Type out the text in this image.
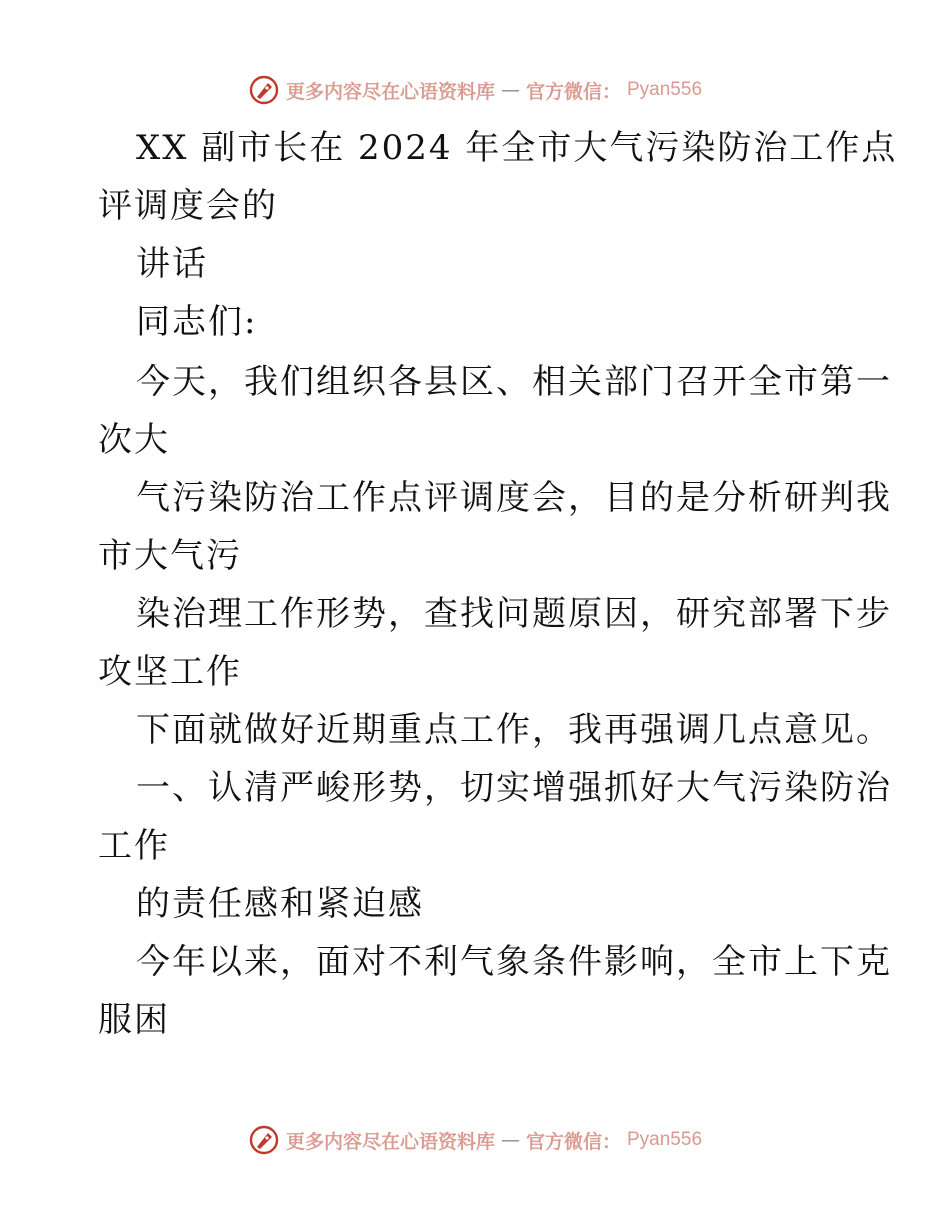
更多内容尽在心语资料库 — 官方微信： Pyan556
XX 副市长在 2024 年全市大气污染防治工作点
评调度会的
讲话
同志们:
今天，我们组织各县区、相关部门召开全市第一
次大
气污染防治工作点评调度会，目的是分析研判我
市大气污
染治理工作形势，查找问题原因，研究部署下步
攻坚工作
下面就做好近期重点工作，我再强调几点意见。
一、认清严峻形势，切实增强抓好大气污染防治
工作
的责任感和紧迫感
今年以来，面对不利气象条件影响，全市上下克
服困
更多内容尽在心语资料库 — 官方微信： Pyan556
